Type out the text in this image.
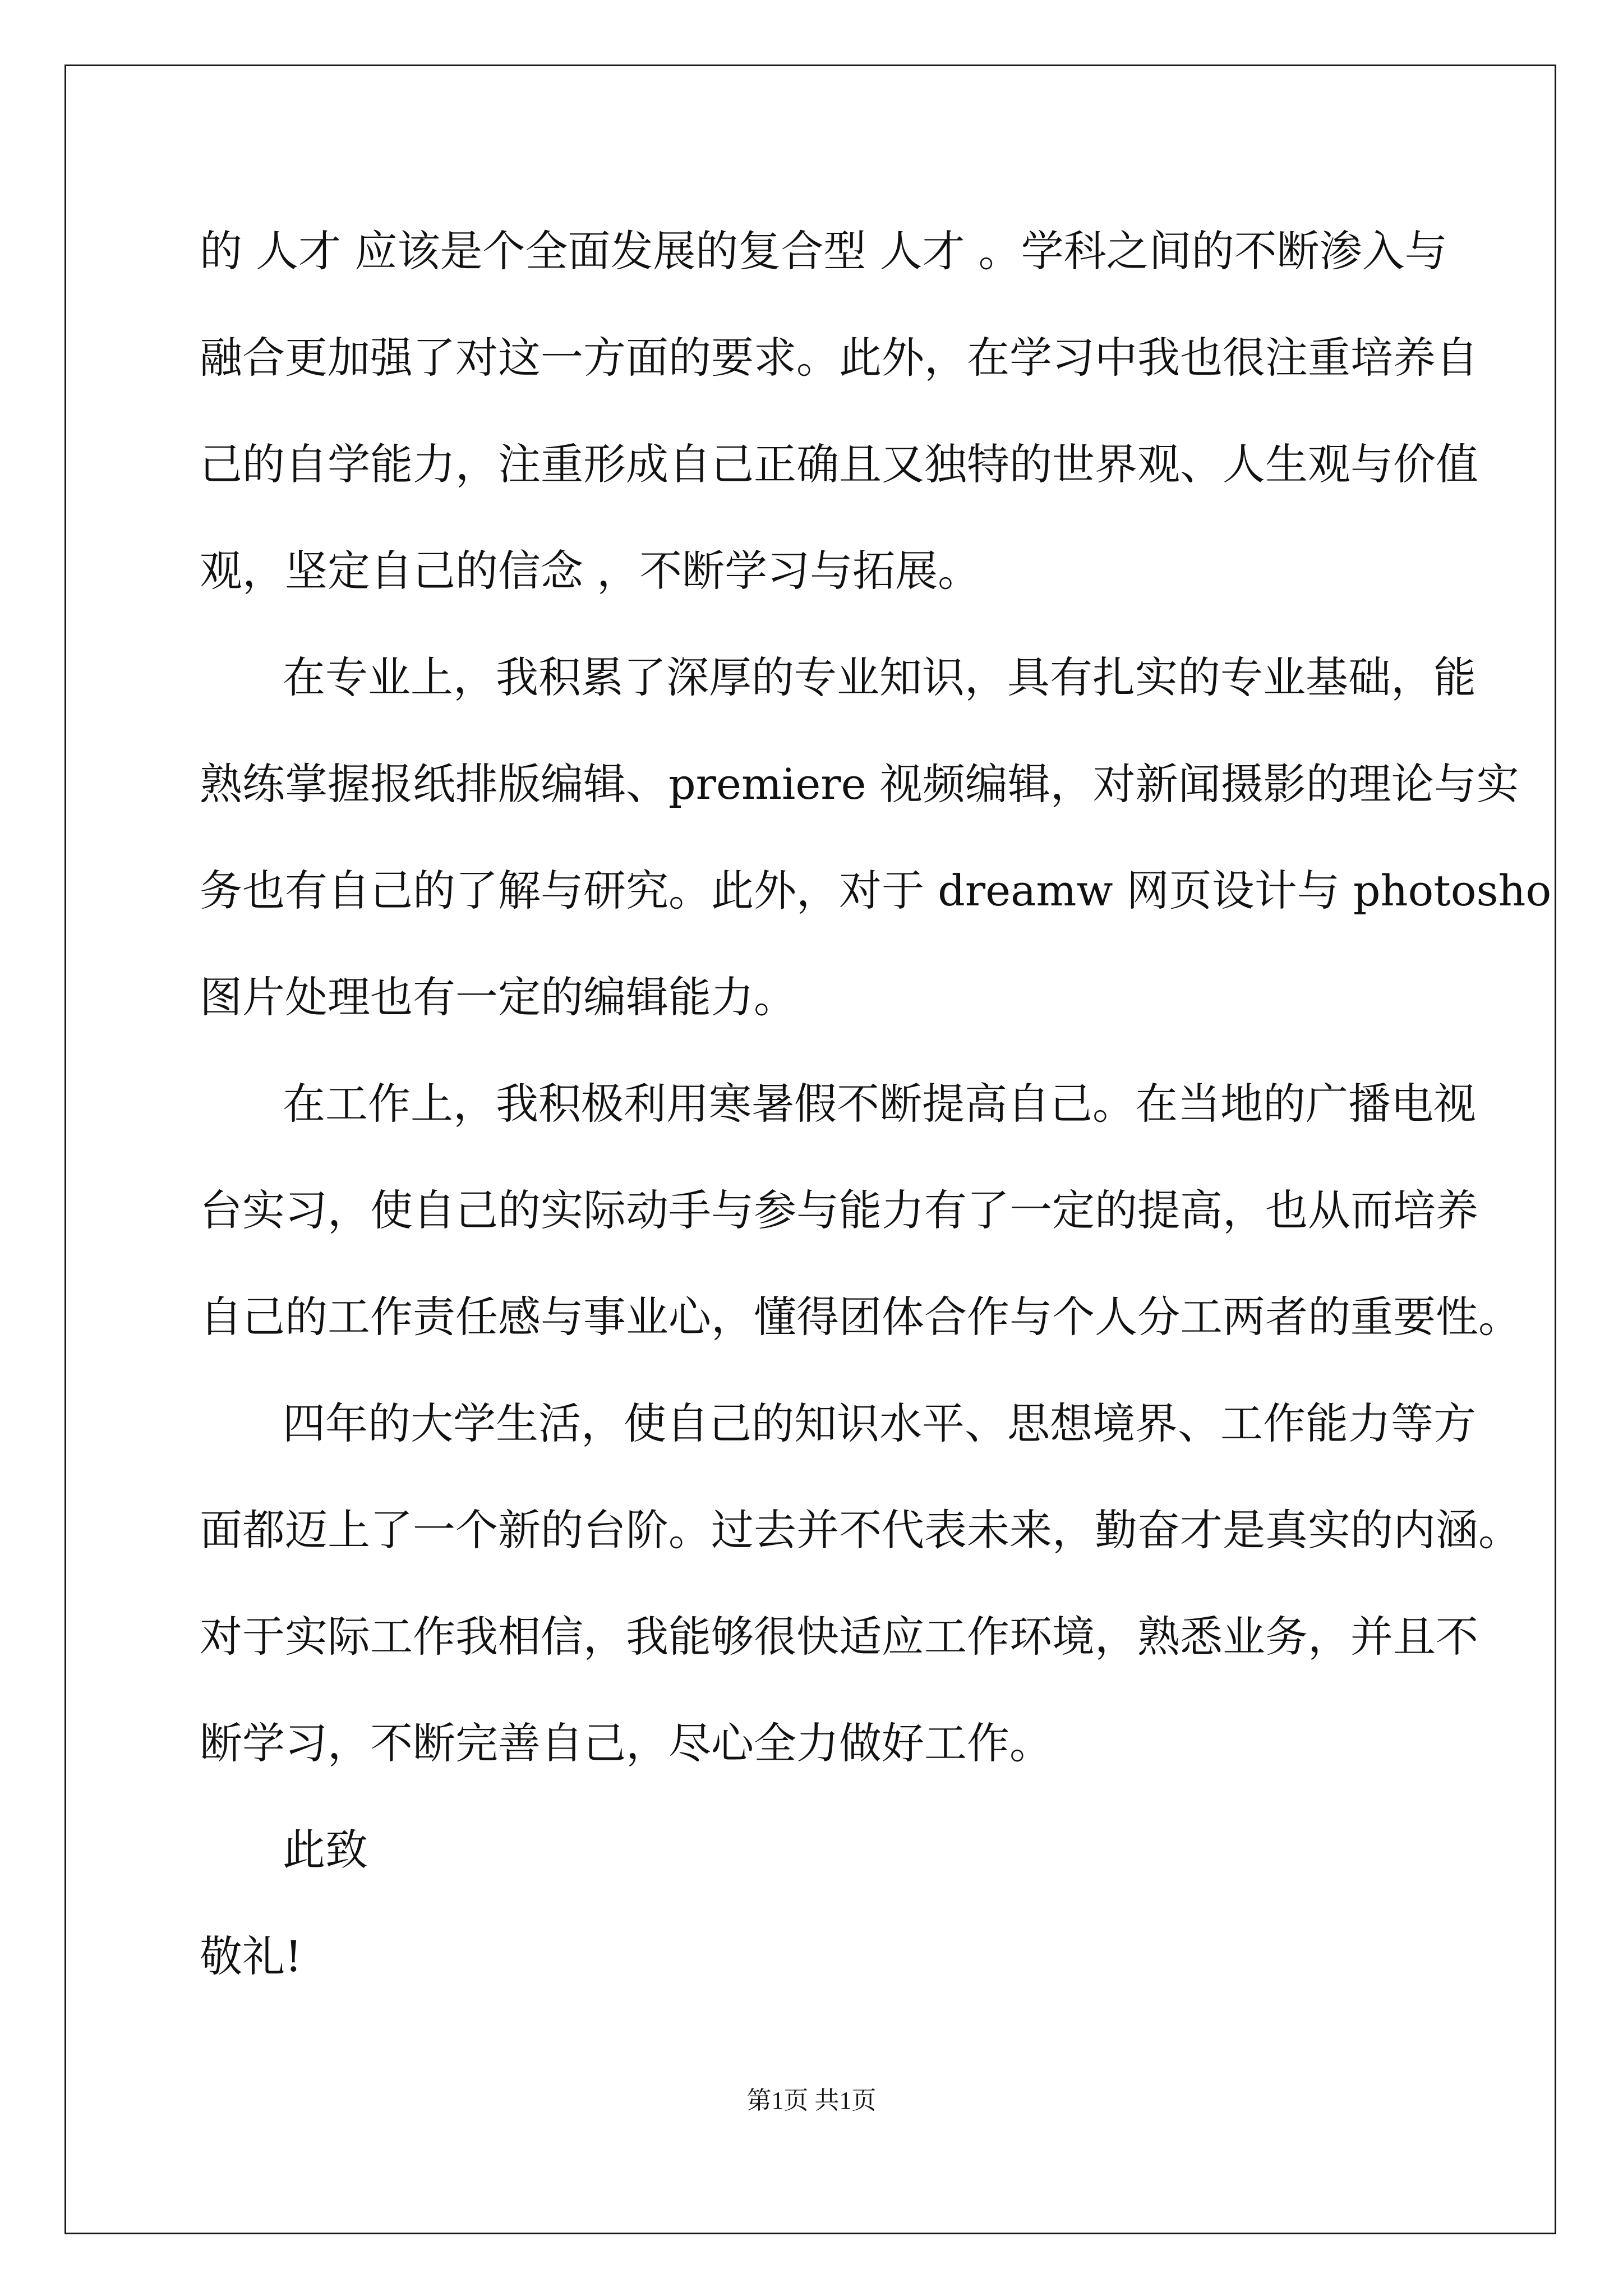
的 人才 应该是个全面发展的复合型 人才 。学科之间的不断渗入与
融合更加强了对这一方面的要求。此外，在学习中我也很注重培养自
己的自学能力，注重形成自己正确且又独特的世界观、人生观与价值
观，坚定自己的信念 ，不断学习与拓展。
在专业上，我积累了深厚的专业知识，具有扎实的专业基础，能
熟练掌握报纸排版编辑、premiere 视频编辑，对新闻摄影的理论与实
务也有自己的了解与研究。此外，对于 dreamw 网页设计与 photosho
图片处理也有一定的编辑能力。
在工作上，我积极利用寒暑假不断提高自己。在当地的广播电视
台实习，使自己的实际动手与参与能力有了一定的提高，也从而培养
自己的工作责任感与事业心，懂得团体合作与个人分工两者的重要性。
四年的大学生活，使自己的知识水平、思想境界、工作能力等方
面都迈上了一个新的台阶。过去并不代表未来，勤奋才是真实的内涵。
对于实际工作我相信，我能够很快适应工作环境，熟悉业务，并且不
断学习，不断完善自己，尽心全力做好工作。
此致
敬礼!
第1页 共1页
